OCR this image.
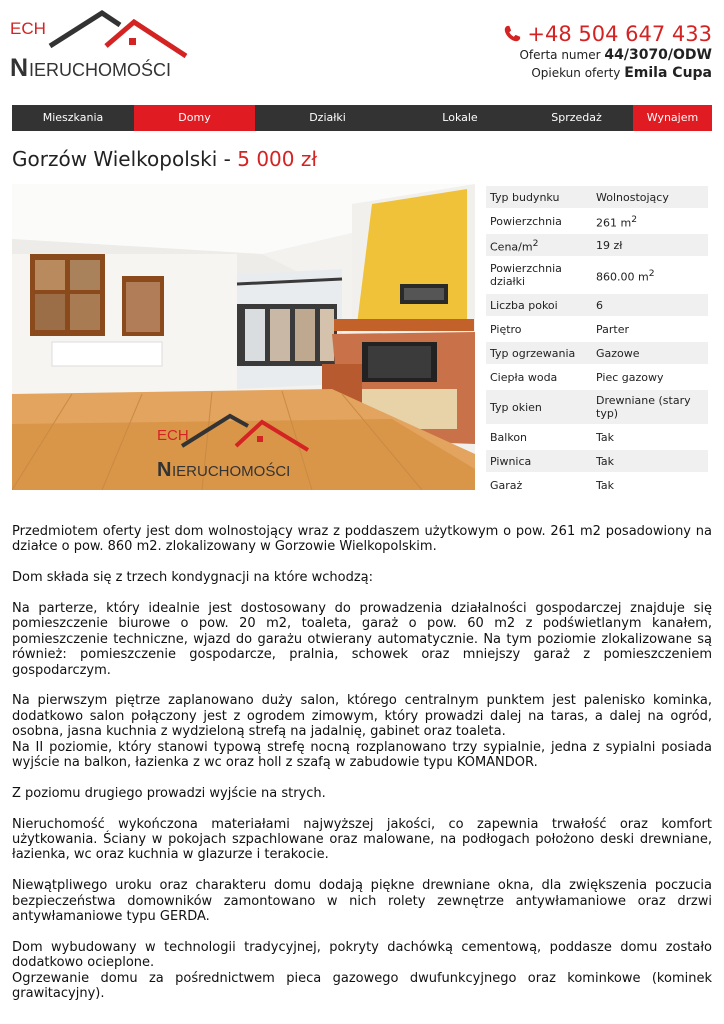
ECH
N IERUCHOMOŚCI
+48 504 647 433
Oferta numer 44/3070/ODW
Opiekun oferty Emila Cupa
Mieszkania	Domy	Działki	Lokale	Sprzedaż	Wynajem
Gorzów Wielkopolski - 5 000 zł
ECH
N IERUCHOMOŚCI
Typ budynku	Wolnostojący
Powierzchnia	261 $m^2$
Cena/$m^2$	19 zł
Powierzchnia działki	860.00 $m^2$
Liczba pokoi	6
Piętro	Parter
Typ ogrzewania	Gazowe
Ciepła woda	Piec gazowy
Typ okien	Drewniane (stary typ)
Balkon	Tak
Piwnica	Tak
Garaż	Tak

Przedmiotem oferty jest dom wolnostojący wraz z poddaszem użytkowym o pow. 261 m2 posadowiony na działce o pow. 860 m2. zlokalizowany w Gorzowie Wielkopolskim.

Dom składa się z trzech kondygnacji na które wchodzą:

Na parterze, który idealnie jest dostosowany do prowadzenia działalności gospodarczej znajduje się pomieszczenie biurowe o pow. 20 m2, toaleta, garaż o pow. 60 m2 z podświetlanym kanałem, pomieszczenie techniczne, wjazd do garażu otwierany automatycznie. Na tym poziomie zlokalizowane są również: pomieszczenie gospodarcze, pralnia, schowek oraz mniejszy garaż z pomieszczeniem gospodarczym.

Na pierwszym piętrze zaplanowano duży salon, którego centralnym punktem jest palenisko kominka, dodatkowo salon połączony jest z ogrodem zimowym, który prowadzi dalej na taras, a dalej na ogród, osobna, jasna kuchnia z wydzieloną strefą na jadalnię, gabinet oraz toaleta.

Na II poziomie, który stanowi typową strefę nocną rozplanowano trzy sypialnie, jedna z sypialni posiada wyjście na balkon, łazienka z wc oraz holl z szafą w zabudowie typu KOMANDOR.

Z poziomu drugiego prowadzi wyjście na strych.

Nieruchomość wykończona materiałami najwyższej jakości, co zapewnia trwałość oraz komfort użytkowania. Ściany w pokojach szpachlowane oraz malowane, na podłogach położono deski drewniane, łazienka, wc oraz kuchnia w glazurze i terakocie.

Niewątpliwego uroku oraz charakteru domu dodają piękne drewniane okna, dla zwiększenia poczucia bezpieczeństwa domowników zamontowano w nich rolety zewnętrze antywłamaniowe oraz drzwi antywłamaniowe typu GERDA.

Dom wybudowany w technologii tradycyjnej, pokryty dachówką cementową, poddasze domu zostało dodatkowo ocieplone.

Ogrzewanie domu za pośrednictwem pieca gazowego dwufunkcyjnego oraz kominkowe (kominek grawitacyjny).
